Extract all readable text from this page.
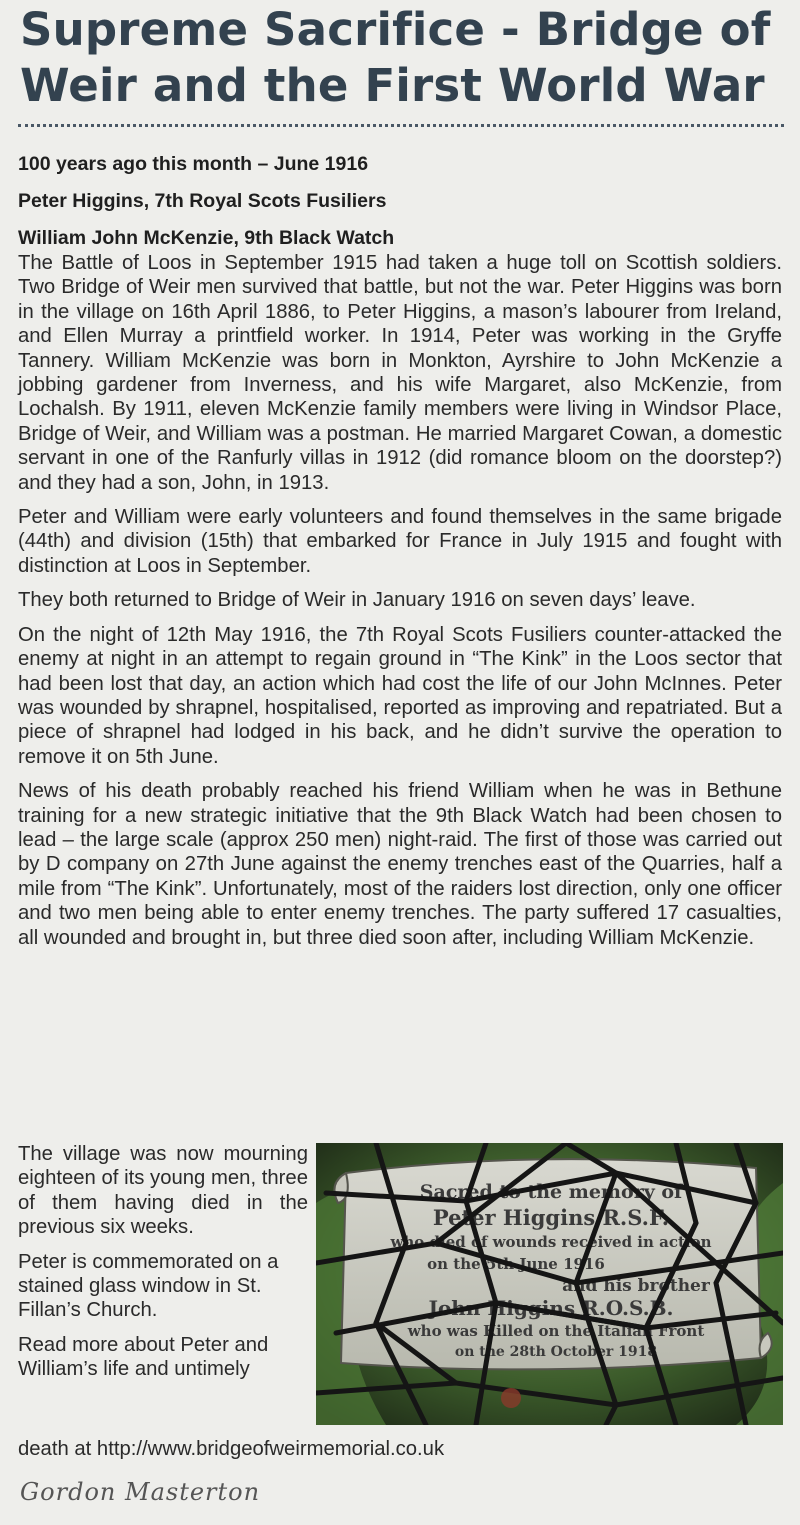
Supreme Sacrifice - Bridge of
Weir and the First World War
100 years ago this month – June 1916
Peter Higgins, 7th Royal Scots Fusiliers
William John McKenzie, 9th Black Watch

The Battle of Loos in September 1915 had taken a huge toll on Scottish soldiers. Two Bridge of Weir men survived that battle, but not the war. Peter Higgins was born in the village on 16th April 1886, to Peter Higgins, a mason’s labourer from Ireland, and Ellen Murray a printfield worker. In 1914, Peter was working in the Gryffe Tannery. William McKenzie was born in Monkton, Ayrshire to John McKenzie a jobbing gardener from Inverness, and his wife Margaret, also McKenzie, from Lochalsh. By 1911, eleven McKenzie family members were living in Windsor Place, Bridge of Weir, and William was a postman. He married Margaret Cowan, a domestic servant in one of the Ranfurly villas in 1912 (did romance bloom on the doorstep?) and they had a son, John, in 1913.

Peter and William were early volunteers and found themselves in the same brigade (44th) and division (15th) that embarked for France in July 1915 and fought with distinction at Loos in September.

They both returned to Bridge of Weir in January 1916 on seven days’ leave.

On the night of 12th May 1916, the 7th Royal Scots Fusiliers counter-attacked the enemy at night in an attempt to regain ground in “The Kink” in the Loos sector that had been lost that day, an action which had cost the life of our John McInnes. Peter was wounded by shrapnel, hospitalised, reported as improving and repatriated. But a piece of shrapnel had lodged in his back, and he didn’t survive the operation to remove it on 5th June.

News of his death probably reached his friend William when he was in Bethune training for a new strategic initiative that the 9th Black Watch had been chosen to lead – the large scale (approx 250 men) night-raid. The first of those was carried out by D company on 27th June against the enemy trenches east of the Quarries, half a mile from “The Kink”. Unfortunately, most of the raiders lost direction, only one officer and two men being able to enter enemy trenches. The party suffered 17 casualties, all wounded and brought in, but three died soon after, including William McKenzie.

The village was now mourning eighteen of its young men, three of them having died in the previous six weeks.

Peter is commemorated on a stained glass window in St. Fillan’s Church.

Read more about Peter and William’s life and untimely

death at http://www.bridgeofweirmemorial.co.uk
Sacred to the memory of
Peter Higgins R.S.F.
who died of wounds received in action
on the 5th June 1916
and his brother
John Higgins R.O.S.B.
who was Killed on the Italian Front
on the 28th October 1918
Gordon Masterton
